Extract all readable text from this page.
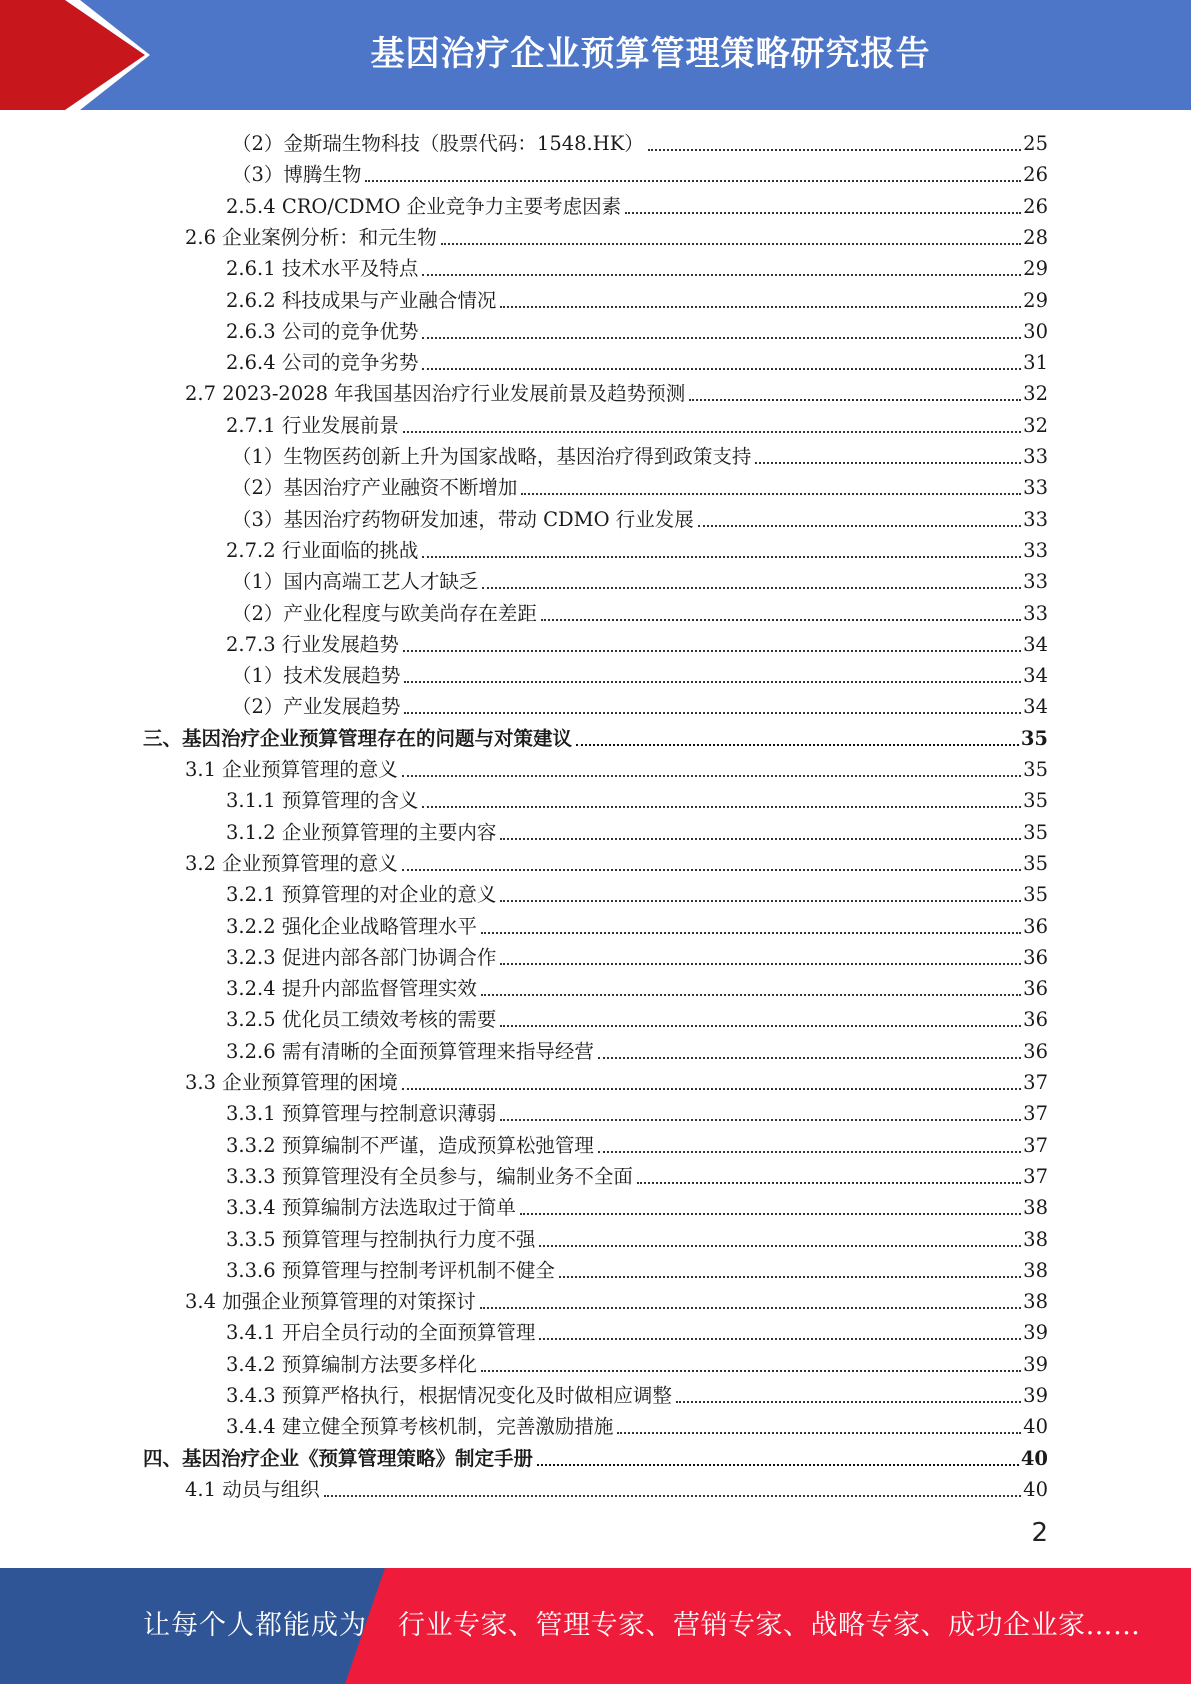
基因治疗企业预算管理策略研究报告
（2）金斯瑞生物科技（股票代码：1548.HK）	25
（3）博腾生物	26
2.5.4 CRO/CDMO 企业竞争力主要考虑因素	26
2.6 企业案例分析：和元生物	28
2.6.1 技术水平及特点	29
2.6.2 科技成果与产业融合情况	29
2.6.3 公司的竞争优势	30
2.6.4 公司的竞争劣势	31
2.7 2023-2028 年我国基因治疗行业发展前景及趋势预测	32
2.7.1 行业发展前景	32
（1）生物医药创新上升为国家战略，基因治疗得到政策支持	33
（2）基因治疗产业融资不断增加	33
（3）基因治疗药物研发加速，带动 CDMO 行业发展	33
2.7.2 行业面临的挑战	33
（1）国内高端工艺人才缺乏	33
（2）产业化程度与欧美尚存在差距	33
2.7.3 行业发展趋势	34
（1）技术发展趋势	34
（2）产业发展趋势	34
三、基因治疗企业预算管理存在的问题与对策建议	35
3.1 企业预算管理的意义	35
3.1.1 预算管理的含义	35
3.1.2 企业预算管理的主要内容	35
3.2 企业预算管理的意义	35
3.2.1 预算管理的对企业的意义	35
3.2.2 强化企业战略管理水平	36
3.2.3 促进内部各部门协调合作	36
3.2.4 提升内部监督管理实效	36
3.2.5 优化员工绩效考核的需要	36
3.2.6 需有清晰的全面预算管理来指导经营	36
3.3 企业预算管理的困境	37
3.3.1 预算管理与控制意识薄弱	37
3.3.2 预算编制不严谨，造成预算松弛管理	37
3.3.3 预算管理没有全员参与，编制业务不全面	37
3.3.4 预算编制方法选取过于简单	38
3.3.5 预算管理与控制执行力度不强	38
3.3.6 预算管理与控制考评机制不健全	38
3.4 加强企业预算管理的对策探讨	38
3.4.1 开启全员行动的全面预算管理	39
3.4.2 预算编制方法要多样化	39
3.4.3 预算严格执行，根据情况变化及时做相应调整	39
3.4.4 建立健全预算考核机制，完善激励措施	40
四、基因治疗企业《预算管理策略》制定手册	40
4.1 动员与组织	40
2
让每个人都能成为 行业专家、管理专家、营销专家、战略专家、成功企业家……
